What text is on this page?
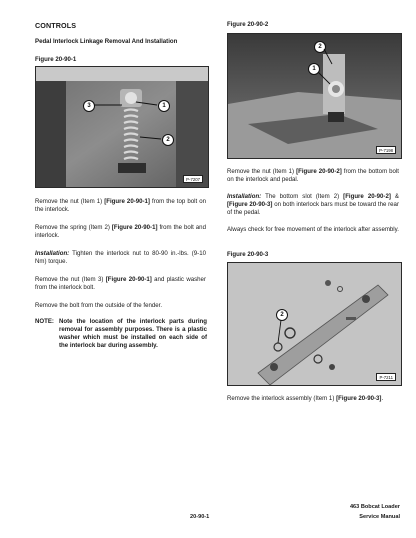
CONTROLS
Pedal Interlock Linkage Removal And Installation
Figure 20-90-1
3	1
2
P-7207
Remove the nut (Item 1) [Figure 20-90-1] from the top bolt on the interlock.
Remove the spring (Item 2) [Figure 20-90-1] from the bolt and interlock.
Installation: Tighten the interlock nut to 80-90 in.-lbs. (9-10 Nm) torque.
Remove the nut (Item 3) [Figure 20-90-1] and plastic washer from the interlock bolt.
Remove the bolt from the outside of the fender.
NOTE: Note the location of the interlock parts during removal for assembly purposes. There is a plastic washer which must be installed on each side of the interlock bar during assembly.
Figure 20-90-2
2
1
P-7198
Remove the nut (Item 1) [Figure 20-90-2] from the bottom bolt on the interlock and pedal.
Installation: The bottom slot (Item 2) [Figure 20-90-2] & [Figure 20-90-3] on both interlock bars must be toward the rear of the pedal.
Always check for free movement of the interlock after assembly.
Figure 20-90-3
2
P-7211
Remove the interlock assembly (Item 1) [Figure 20-90-3].
20-90-1
463 Bobcat Loader
Service Manual
